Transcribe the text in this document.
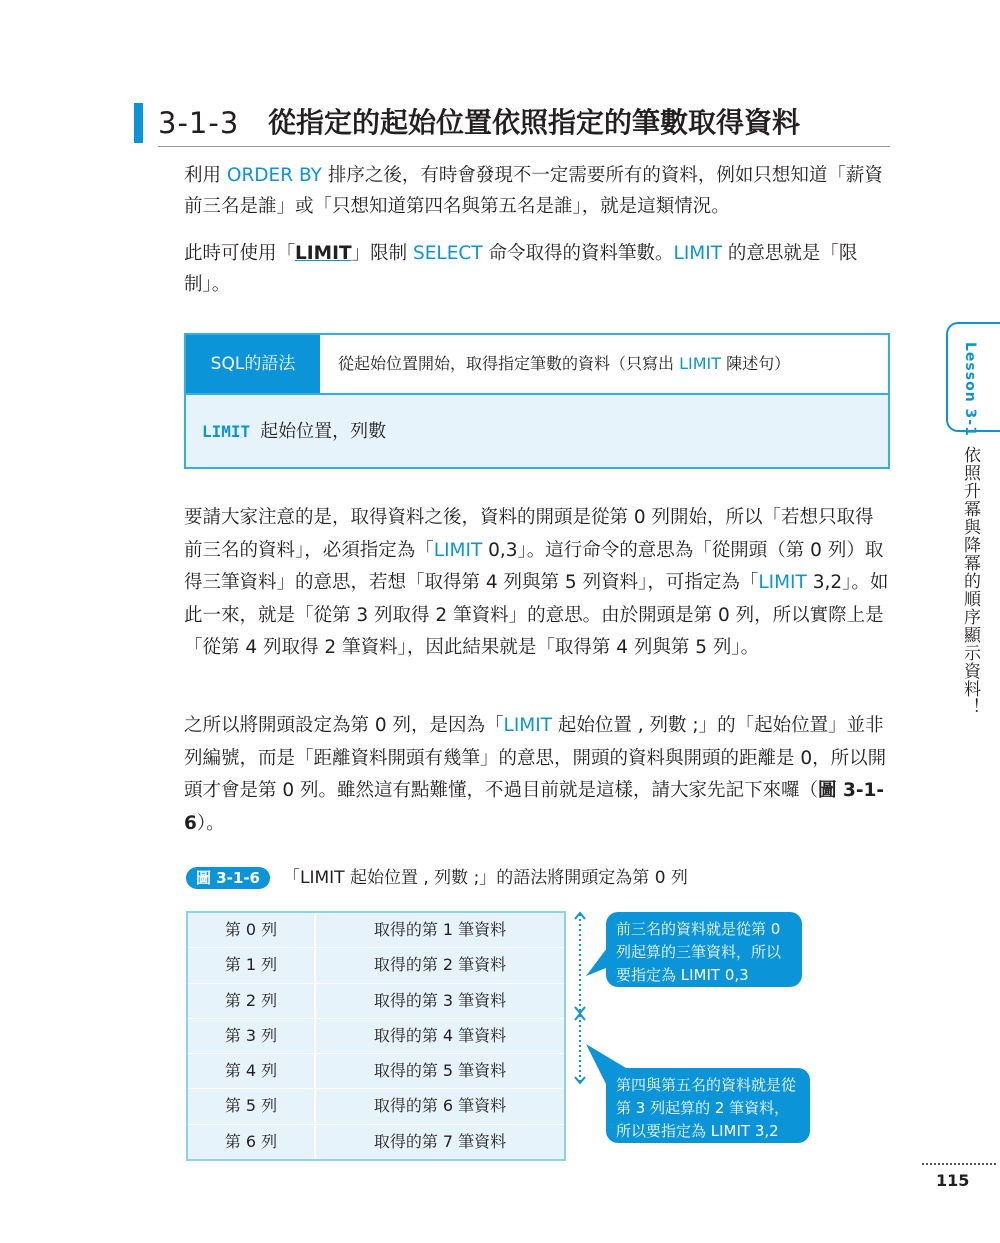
3-1-3 從指定的起始位置依照指定的筆數取得資料

利用 ORDER BY 排序之後，有時會發現不一定需要所有的資料，例如只想知道「薪資前三名是誰」或「只想知道第四名與第五名是誰」，就是這類情況。

此時可使用「LIMIT」限制 SELECT 命令取得的資料筆數。LIMIT 的意思就是「限制」。

SQL的語法	從起始位置開始，取得指定筆數的資料（只寫出 LIMIT 陳述句）
LIMIT 起始位置，列數

要請大家注意的是，取得資料之後，資料的開頭是從第 0 列開始，所以「若想只取得前三名的資料」，必須指定為「LIMIT 0,3」。這行命令的意思為「從開頭（第 0 列）取得三筆資料」的意思，若想「取得第 4 列與第 5 列資料」，可指定為「LIMIT 3,2」。如此一來，就是「從第 3 列取得 2 筆資料」的意思。由於開頭是第 0 列，所以實際上是「從第 4 列取得 2 筆資料」，因此結果就是「取得第 4 列與第 5 列」。

之所以將開頭設定為第 0 列，是因為「LIMIT 起始位置 , 列數 ;」的「起始位置」並非列編號，而是「距離資料開頭有幾筆」的意思，開頭的資料與開頭的距離是 0，所以開頭才會是第 0 列。雖然這有點難懂，不過目前就是這樣，請大家先記下來囉（圖 3-1-6）。

圖 3-1-6	「LIMIT 起始位置 , 列數 ;」的語法將開頭定為第 0 列
第 0 列	取得的第 1 筆資料
第 1 列	取得的第 2 筆資料
第 2 列	取得的第 3 筆資料
第 3 列	取得的第 4 筆資料
第 4 列	取得的第 5 筆資料
第 5 列	取得的第 6 筆資料
第 6 列	取得的第 7 筆資料
前三名的資料就是從第 0 列起算的三筆資料，所以要指定為 LIMIT 0,3
第四與第五名的資料就是從第 3 列起算的 2 筆資料，所以要指定為 LIMIT 3,2
Lesson 3-1
依照升冪與降冪的順序顯示資料！
115
